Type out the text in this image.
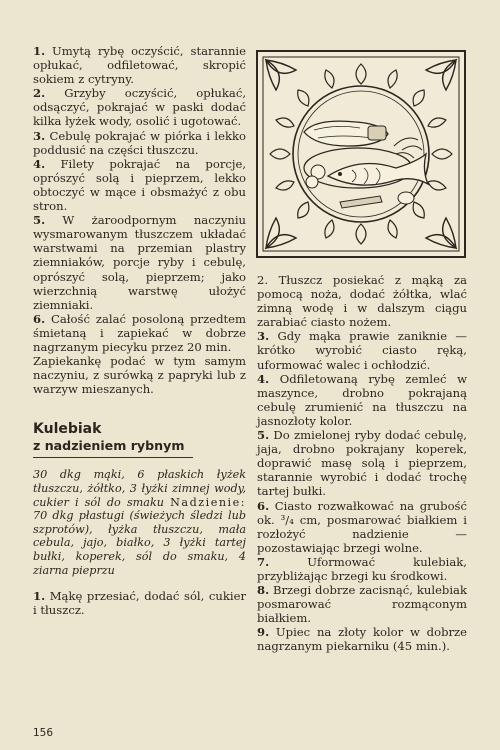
1. Umytą rybę oczyścić, starannie opłukać, odfiletować, skropić sokiem z cytryny.

2. Grzyby oczyścić, opłukać, odsączyć, pokrajać w paski dodać kilka łyżek wody, osolić i ugotować.

3. Cebulę pokrajać w piórka i lekko poddusić na części tłuszczu.

4. Filety pokrajać na porcje, oprószyć solą i pieprzem, lekko obtoczyć w mące i obsmażyć z obu stron.

5. W żaroodpornym naczyniu wysmarowanym tłuszczem układać warstwami na przemian plastry ziemniaków, porcje ryby i cebulę, oprószyć solą, pieprzem; jako wierzchnią warstwę ułożyć ziemniaki.

6. Całość zalać posoloną przedtem śmietaną i zapiekać w dobrze nagrzanym piecyku przez 20 min.

Zapiekankę podać w tym samym naczyniu, z surówką z papryki lub z warzyw mieszanych.

Kulebiak

z nadzieniem rybnym

30 dkg mąki, 6 płaskich łyżek tłuszczu, żółtko, 3 łyżki zimnej wody, cukier i sól do smaku Nadzienie: 70 dkg płastugi (świeżych śledzi lub szprotów), łyżka tłuszczu, mała cebula, jajo, białko, 3 łyżki tartej bułki, koperek, sól do smaku, 4 ziarna pieprzu

1. Mąkę przesiać, dodać sól, cukier i tłuszcz.

2. Tłuszcz posiekać z mąką za pomocą noża, dodać żółtka, wlać zimną wodę i w dalszym ciągu zarabiać ciasto nożem.

3. Gdy mąka prawie zaniknie — krótko wyrobić ciasto ręką, uformować walec i ochłodzić.

4. Odfiletowaną rybę zemleć w maszynce, drobno pokrajaną cebulę zrumienić na tłuszczu na jasnozłoty kolor.

5. Do zmielonej ryby dodać cebulę, jaja, drobno pokrajany koperek, doprawić masę solą i pieprzem, starannie wyrobić i dodać trochę tartej bułki.

6. Ciasto rozwałkować na grubość ok. ³/₄ cm, posmarować białkiem i rozłożyć nadzienie — pozostawiając brzegi wolne.

7.	Uformować kulebiak, przybliżając brzegi ku środkowi.

8. Brzegi dobrze zacisnąć, kulebiak posmarować rozmąconym białkiem.

9. Upiec na złoty kolor w dobrze nagrzanym piekarniku (45 min.).

156
